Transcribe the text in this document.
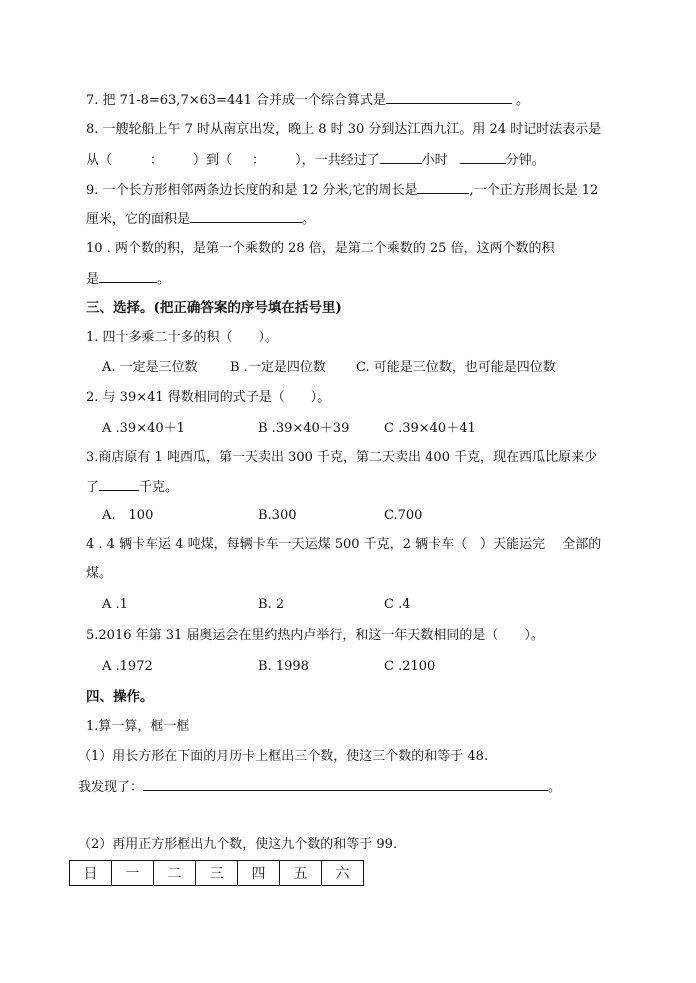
7. 把 71-8=63,7×63=441 合并成一个综合算式是	。
8. 一艘轮船上午 7 时从南京出发，晚上 8 时 30 分到达江西九江。用 24 时记时法表示是
从（	： ）到（ ： ），一共经过了	小时	分钟。
9. 一个长方形相邻两条边长度的和是 12 分米,它的周长是	,一个正方形周长是 12
厘米，它的面积是	。
10 . 两个数的积，是第一个乘数的 28 倍，是第二个乘数的 25 倍，这两个数的积
是	。
三、选择。(把正确答案的序号填在括号里)
1. 四十多乘二十多的积（　　）。
A. 一定是三位数 B .一定是四位数 C. 可能是三位数，也可能是四位数
2. 与 39×41 得数相同的式子是（　　）。
A .39×40＋1	B .39×40＋39	C .39×40＋41
3.商店原有 1 吨西瓜，第一天卖出 300 千克，第二天卖出 400 千克，现在西瓜比原来少
了	千克。
A.　100	B.300	C.700
4 . 4 辆卡车运 4 吨煤，每辆卡车一天运煤 500 千克，2 辆卡车（　）天能运完　 全部的
煤。
A .1	B. 2	C .4
5.2016 年第 31 届奥运会在里约热内卢举行，和这一年天数相同的是（　　）。
A .1972	B. 1998	C .2100
四、操作。
1.算一算，框一框
（1）用长方形在下面的月历卡上框出三个数，使这三个数的和等于 48.
我发现了：	。
（2）再用正方形框出九个数，使这九个数的和等于 99.
日	一	二	三	四	五	六
